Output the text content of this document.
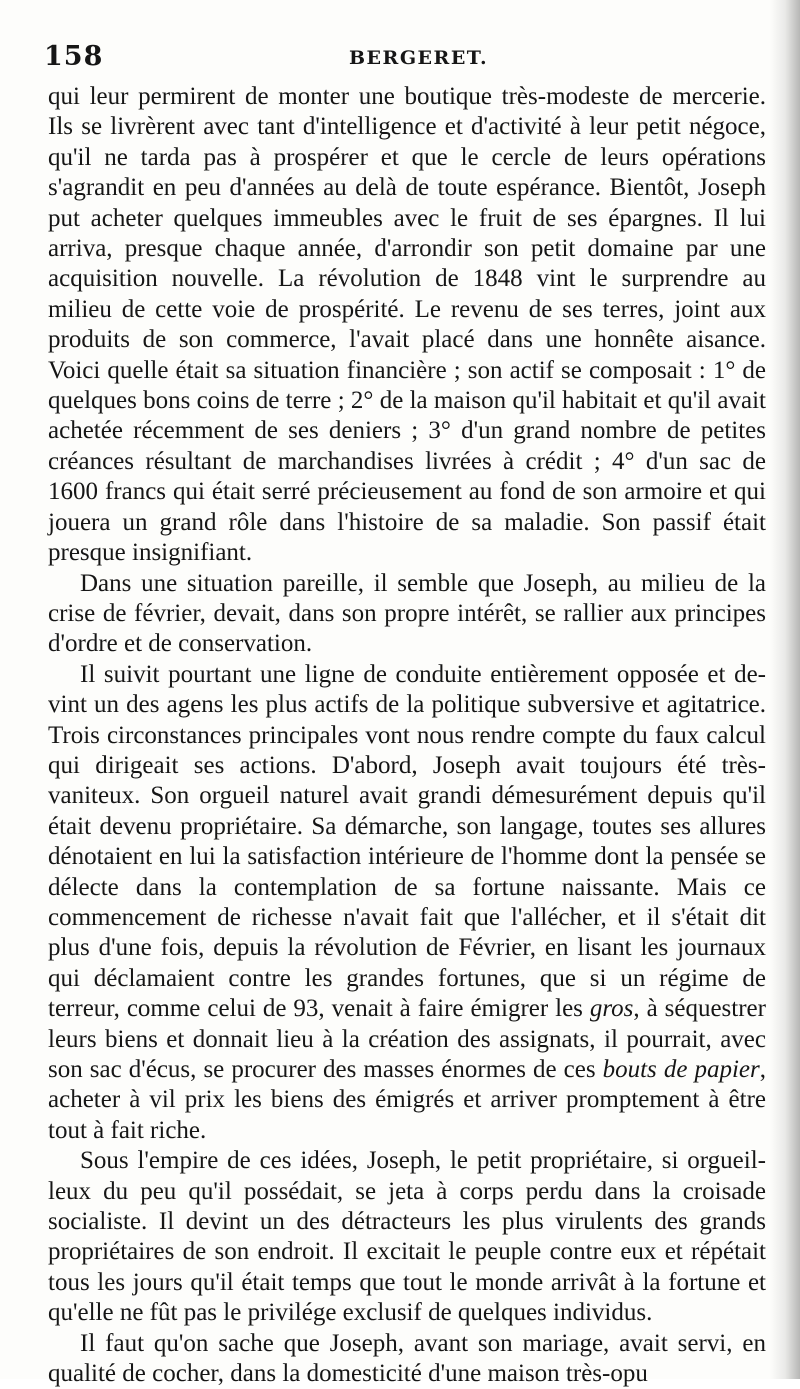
158	BERGERET.

qui leur permirent de monter une boutique très-modeste de mercerie. Ils se livrèrent avec tant d'intelligence et d'activité à leur petit négoce, qu'il ne tarda pas à prospérer et que le cercle de leurs opérations s'agrandit en peu d'années au delà de toute espérance. Bientôt, Joseph put acheter quelques immeubles avec le fruit de ses épargnes. Il lui arriva, presque chaque année, d'arrondir son petit domaine par une acquisition nouvelle. La révolution de 1848 vint le surprendre au milieu de cette voie de prospérité. Le revenu de ses terres, joint aux produits de son commerce, l'avait placé dans une honnête aisance. Voici quelle était sa situation financière ; son actif se composait : 1° de quelques bons coins de terre ; 2° de la maison qu'il habitait et qu'il avait achetée récemment de ses deniers ; 3° d'un grand nombre de petites créances résultant de marchandises livrées à crédit ; 4° d'un sac de 1600 francs qui était serré précieusement au fond de son armoire et qui jouera un grand rôle dans l'histoire de sa maladie. Son passif était presque insignifiant.

Dans une situation pareille, il semble que Joseph, au milieu de la crise de février, devait, dans son propre intérêt, se rallier aux principes d'ordre et de conservation.

Il suivit pourtant une ligne de conduite entièrement opposée et devint un des agens les plus actifs de la politique subversive et agitatrice. Trois circonstances principales vont nous rendre compte du faux calcul qui dirigeait ses actions. D'abord, Joseph avait toujours été très-vaniteux. Son orgueil naturel avait grandi démesurément depuis qu'il était devenu propriétaire. Sa démarche, son langage, toutes ses allures dénotaient en lui la satisfaction intérieure de l'homme dont la pensée se délecte dans la contemplation de sa fortune naissante. Mais ce commencement de richesse n'avait fait que l'allécher, et il s'était dit plus d'une fois, depuis la révolution de Février, en lisant les journaux qui déclamaient contre les grandes fortunes, que si un régime de terreur, comme celui de 93, venait à faire émigrer les gros, à séquestrer leurs biens et donnait lieu à la création des assignats, il pourrait, avec son sac d'écus, se procurer des masses énormes de ces bouts de papier, acheter à vil prix les biens des émigrés et arriver promptement à être tout à fait riche.

Sous l'empire de ces idées, Joseph, le petit propriétaire, si orgueilleux du peu qu'il possédait, se jeta à corps perdu dans la croisade socialiste. Il devint un des détracteurs les plus virulents des grands propriétaires de son endroit. Il excitait le peuple contre eux et répétait tous les jours qu'il était temps que tout le monde arrivât à la fortune et qu'elle ne fût pas le privilége exclusif de quelques individus.

Il faut qu'on sache que Joseph, avant son mariage, avait servi, en qualité de cocher, dans la domesticité d'une maison très-opu
